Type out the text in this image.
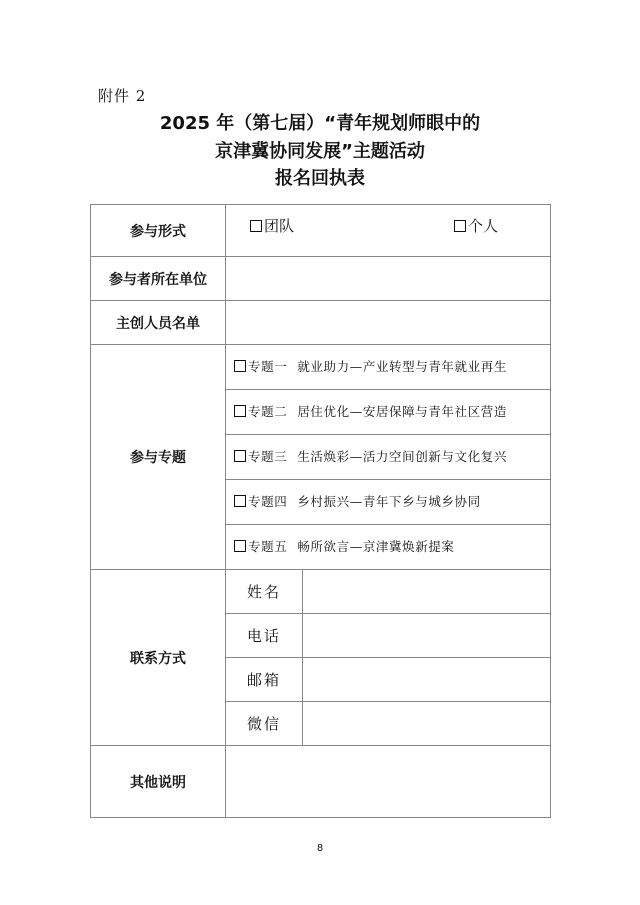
附件 2
2025 年（第七届）“青年规划师眼中的
京津冀协同发展”主题活动
报名回执表
参与形式	团队 个人	

参与者所在单位		
主创人员名单		
参与专题	专题一 就业助力—产业转型与青年就业再生
专题二 居住优化—安居保障与青年社区营造
专题三 生活焕彩—活力空间创新与文化复兴
专题四 乡村振兴—青年下乡与城乡协同
专题五 畅所欲言—京津冀焕新提案	

联系方式	姓名	
	电话	
	邮箱	
	微信	
其他说明		
8
